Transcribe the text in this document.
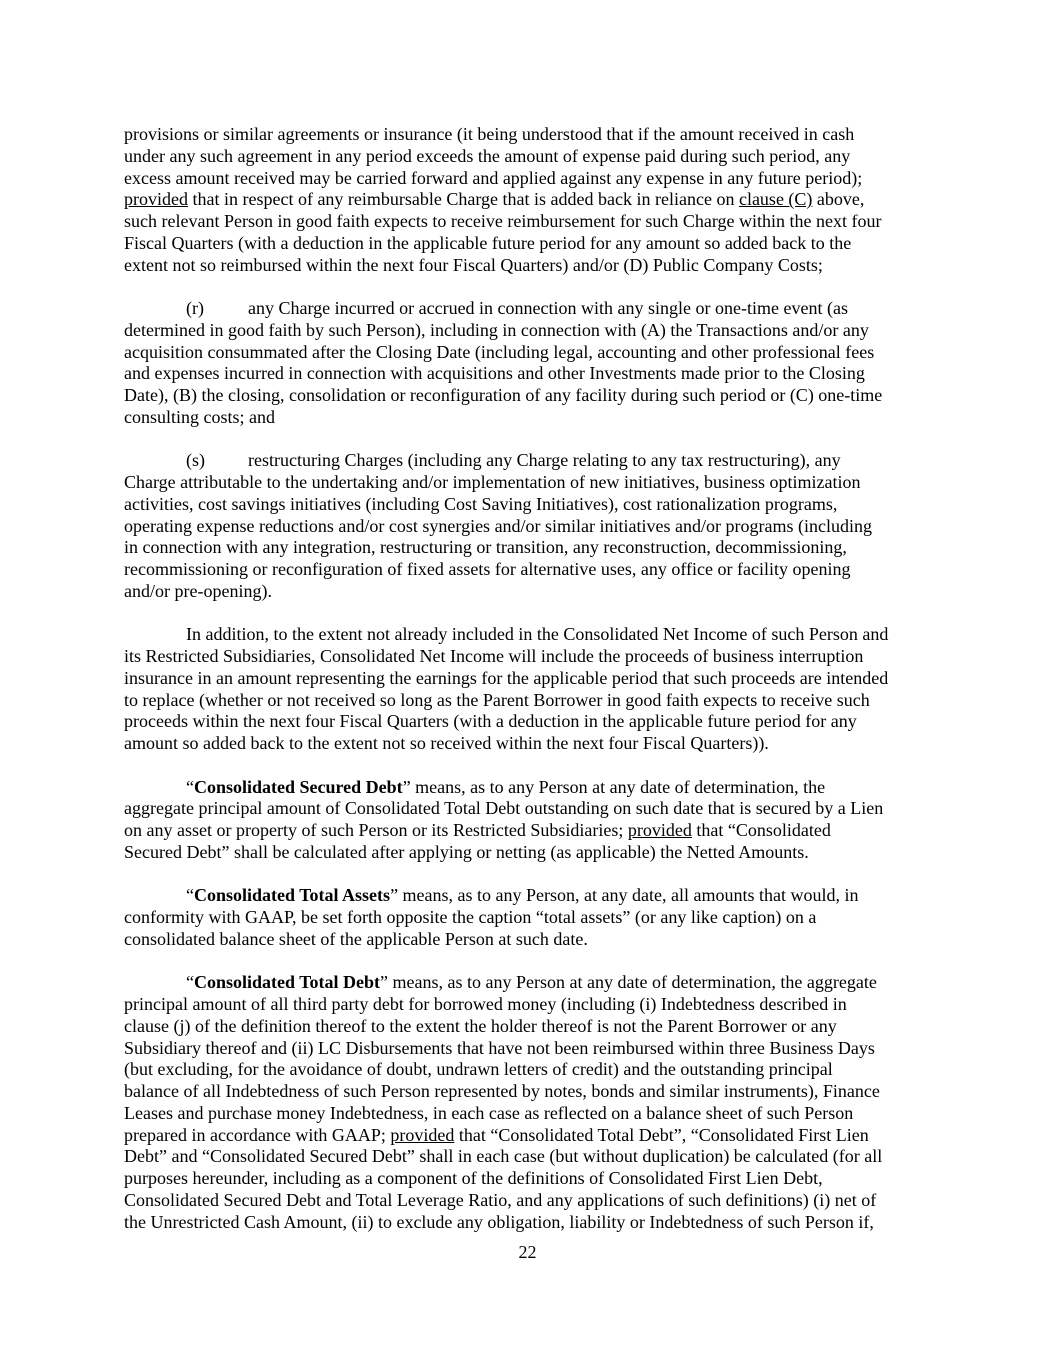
provisions or similar agreements or insurance (it being understood that if the amount received in cash
under any such agreement in any period exceeds the amount of expense paid during such period, any
excess amount received may be carried forward and applied against any expense in any future period);
provided that in respect of any reimbursable Charge that is added back in reliance on clause (C) above,
such relevant Person in good faith expects to receive reimbursement for such Charge within the next four
Fiscal Quarters (with a deduction in the applicable future period for any amount so added back to the
extent not so reimbursed within the next four Fiscal Quarters) and/or (D) Public Company Costs;
(r) any Charge incurred or accrued in connection with any single or one-time event (as
determined in good faith by such Person), including in connection with (A) the Transactions and/or any
acquisition consummated after the Closing Date (including legal, accounting and other professional fees
and expenses incurred in connection with acquisitions and other Investments made prior to the Closing
Date), (B) the closing, consolidation or reconfiguration of any facility during such period or (C) one-time
consulting costs; and
(s) restructuring Charges (including any Charge relating to any tax restructuring), any
Charge attributable to the undertaking and/or implementation of new initiatives, business optimization
activities, cost savings initiatives (including Cost Saving Initiatives), cost rationalization programs,
operating expense reductions and/or cost synergies and/or similar initiatives and/or programs (including
in connection with any integration, restructuring or transition, any reconstruction, decommissioning,
recommissioning or reconfiguration of fixed assets for alternative uses, any office or facility opening
and/or pre-opening).
In addition, to the extent not already included in the Consolidated Net Income of such Person and
its Restricted Subsidiaries, Consolidated Net Income will include the proceeds of business interruption
insurance in an amount representing the earnings for the applicable period that such proceeds are intended
to replace (whether or not received so long as the Parent Borrower in good faith expects to receive such
proceeds within the next four Fiscal Quarters (with a deduction in the applicable future period for any
amount so added back to the extent not so received within the next four Fiscal Quarters)).
“Consolidated Secured Debt” means, as to any Person at any date of determination, the
aggregate principal amount of Consolidated Total Debt outstanding on such date that is secured by a Lien
on any asset or property of such Person or its Restricted Subsidiaries; provided that “Consolidated
Secured Debt” shall be calculated after applying or netting (as applicable) the Netted Amounts.
“Consolidated Total Assets” means, as to any Person, at any date, all amounts that would, in
conformity with GAAP, be set forth opposite the caption “total assets” (or any like caption) on a
consolidated balance sheet of the applicable Person at such date.
“Consolidated Total Debt” means, as to any Person at any date of determination, the aggregate
principal amount of all third party debt for borrowed money (including (i) Indebtedness described in
clause (j) of the definition thereof to the extent the holder thereof is not the Parent Borrower or any
Subsidiary thereof and (ii) LC Disbursements that have not been reimbursed within three Business Days
(but excluding, for the avoidance of doubt, undrawn letters of credit) and the outstanding principal
balance of all Indebtedness of such Person represented by notes, bonds and similar instruments), Finance
Leases and purchase money Indebtedness, in each case as reflected on a balance sheet of such Person
prepared in accordance with GAAP; provided that “Consolidated Total Debt”, “Consolidated First Lien
Debt” and “Consolidated Secured Debt” shall in each case (but without duplication) be calculated (for all
purposes hereunder, including as a component of the definitions of Consolidated First Lien Debt,
Consolidated Secured Debt and Total Leverage Ratio, and any applications of such definitions) (i) net of
the Unrestricted Cash Amount, (ii) to exclude any obligation, liability or Indebtedness of such Person if,
22
